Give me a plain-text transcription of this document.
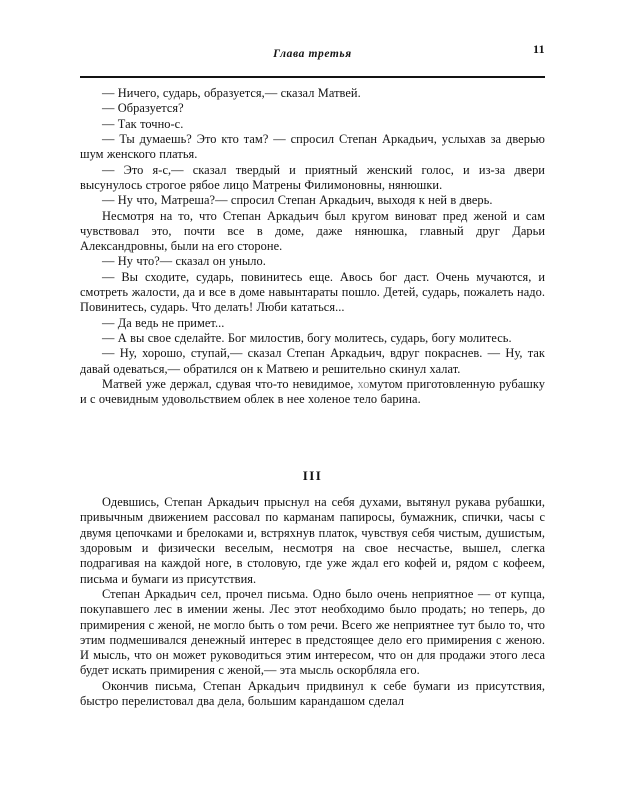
Глава третья	11

— Ничего, сударь, образуется,— сказал Матвей.

— Образуется?

— Так точно-с.

— Ты думаешь? Это кто там? — спросил Степан Аркадьич, услыхав за дверью шум женского платья.

— Это я-с,— сказал твердый и приятный женский голос, и из-за двери высунулось строгое рябое лицо Матрены Филимоновны, нянюшки.

— Ну что, Матреша?— спросил Степан Аркадьич, выходя к ней в дверь.

Несмотря на то, что Степан Аркадьич был кругом виноват пред женой и сам чувствовал это, почти все в доме, даже нянюшка, главный друг Дарьи Александровны, были на его стороне.

— Ну что?— сказал он уныло.

— Вы сходите, сударь, повинитесь еще. Авось бог даст. Очень мучаются, и смотреть жалости, да и все в доме навынтараты пошло. Детей, сударь, пожалеть надо. Повинитесь, сударь. Что делать! Люби кататься...

— Да ведь не примет...

— А вы свое сделайте. Бог милостив, богу молитесь, сударь, богу молитесь.

— Ну, хорошо, ступай,— сказал Степан Аркадьич, вдруг покраснев. — Ну, так давай одеваться,— обратился он к Матвею и решительно скинул халат.

Матвей уже держал, сдувая что-то невидимое, хомутом приготовленную рубашку и с очевидным удовольствием облек в нее холеное тело барина.

III

Одевшись, Степан Аркадьич прыснул на себя духами, вытянул рукава рубашки, привычным движением рассовал по карманам папиросы, бумажник, спички, часы с двумя цепочками и брелоками и, встряхнув платок, чувствуя себя чистым, душистым, здоровым и физически веселым, несмотря на свое несчастье, вышел, слегка подрагивая на каждой ноге, в столовую, где уже ждал его кофей и, рядом с кофеем, письма и бумаги из присутствия.

Степан Аркадьич сел, прочел письма. Одно было очень неприятное — от купца, покупавшего лес в имении жены. Лес этот необходимо было продать; но теперь, до примирения с женой, не могло быть о том речи. Всего же неприятнее тут было то, что этим подмешивался денежный интерес в предстоящее дело его примирения с женою. И мысль, что он может руководиться этим интересом, что он для продажи этого леса будет искать примирения с женой,— эта мысль оскорбляла его.

Окончив письма, Степан Аркадьич придвинул к себе бумаги из присутствия, быстро перелистовал два дела, большим карандашом сделал
